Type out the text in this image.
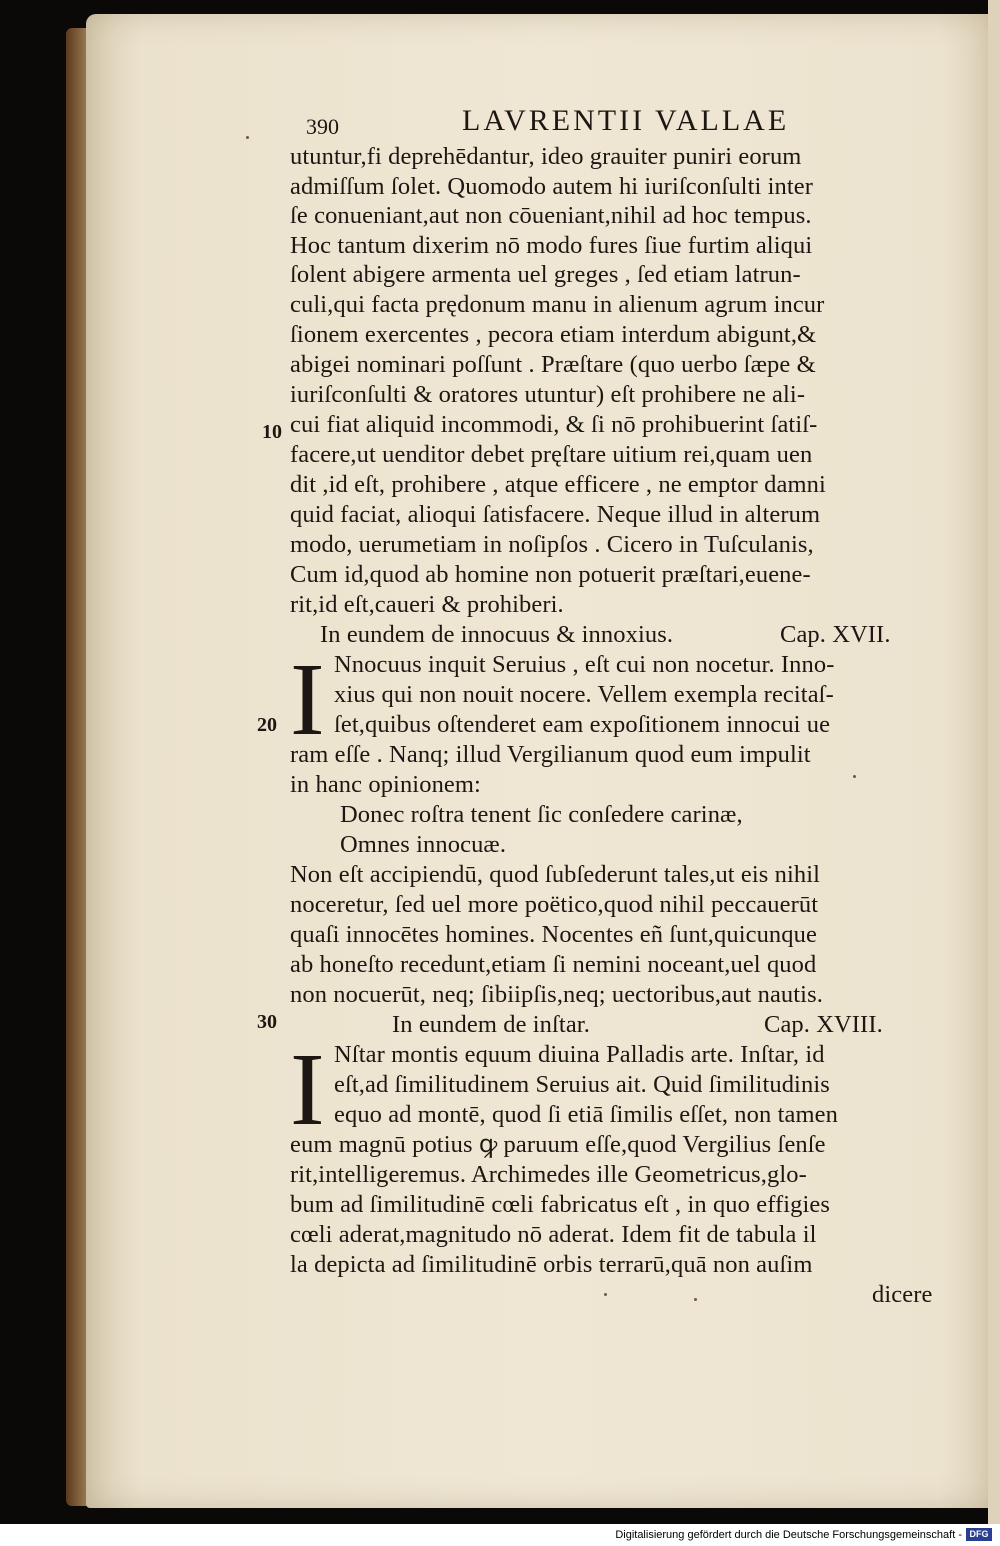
390	LAVRENTII VALLAE
10
20
30
utuntur,fi deprehēdantur, ideo grauiter puniri eorum
admiſſum ſolet. Quomodo autem hi iuriſconſulti inter
ſe conueniant,aut non cōueniant,nihil ad hoc tempus.
Hoc tantum dixerim nō modo fures ſiue furtim aliqui
ſolent abigere armenta uel greges , ſed etiam latrun-
culi,qui facta prędonum manu in alienum agrum incur
ſionem exercentes , pecora etiam interdum abigunt,&
abigei nominari poſſunt . Præſtare (quo uerbo ſæpe &
iuriſconſulti & oratores utuntur) eſt prohibere ne ali-
cui fiat aliquid incommodi, & ſi nō prohibuerint ſatiſ-
facere,ut uenditor debet pręſtare uitium rei,quam uen
dit ,id eſt, prohibere , atque efficere , ne emptor damni
quid faciat, alioqui ſatisfacere. Neque illud in alterum
modo, uerumetiam in noſipſos . Cicero in Tuſculanis,
Cum id,quod ab homine non potuerit præſtari,euene-
rit,id eſt,caueri & prohiberi.
In eundem de innocuus & innoxius.	Cap. XVII.
I Nnocuus inquit Seruius , eſt cui non nocetur. Inno-
xius qui non nouit nocere. Vellem exempla recitaſ-
ſet,quibus oſtenderet eam expoſitionem innocui ue
ram eſſe . Nanq; illud Vergilianum quod eum impulit
in hanc opinionem:
Donec roſtra tenent ſic conſedere carinæ,
Omnes innocuæ.
Non eſt accipiendū, quod ſubſederunt tales,ut eis nihil
noceretur, ſed uel more poëtico,quod nihil peccauerūt
quaſi innocētes homines. Nocentes eñ ſunt,quicunque
ab honeſto recedunt,etiam ſi nemini noceant,uel quod
non nocuerūt, neq; ſibiipſis,neq; uectoribus,aut nautis.
In eundem de inſtar.	Cap. XVIII.
I Nſtar montis equum diuina Palladis arte. Inſtar, id
eſt,ad ſimilitudinem Seruius ait. Quid ſimilitudinis
equo ad montē, quod ſi etiā ſimilis eſſet, non tamen
eum magnū potius ꝙ paruum eſſe,quod Vergilius ſenſe
rit,intelligeremus. Archimedes ille Geometricus,glo-
bum ad ſimilitudinē cœli fabricatus eſt , in quo effigies
cœli aderat,magnitudo nō aderat. Idem fit de tabula il
la depicta ad ſimilitudinē orbis terrarū,quā non auſim
dicere
Digitalisierung gefördert durch die Deutsche Forschungsgemeinschaft - DFG
